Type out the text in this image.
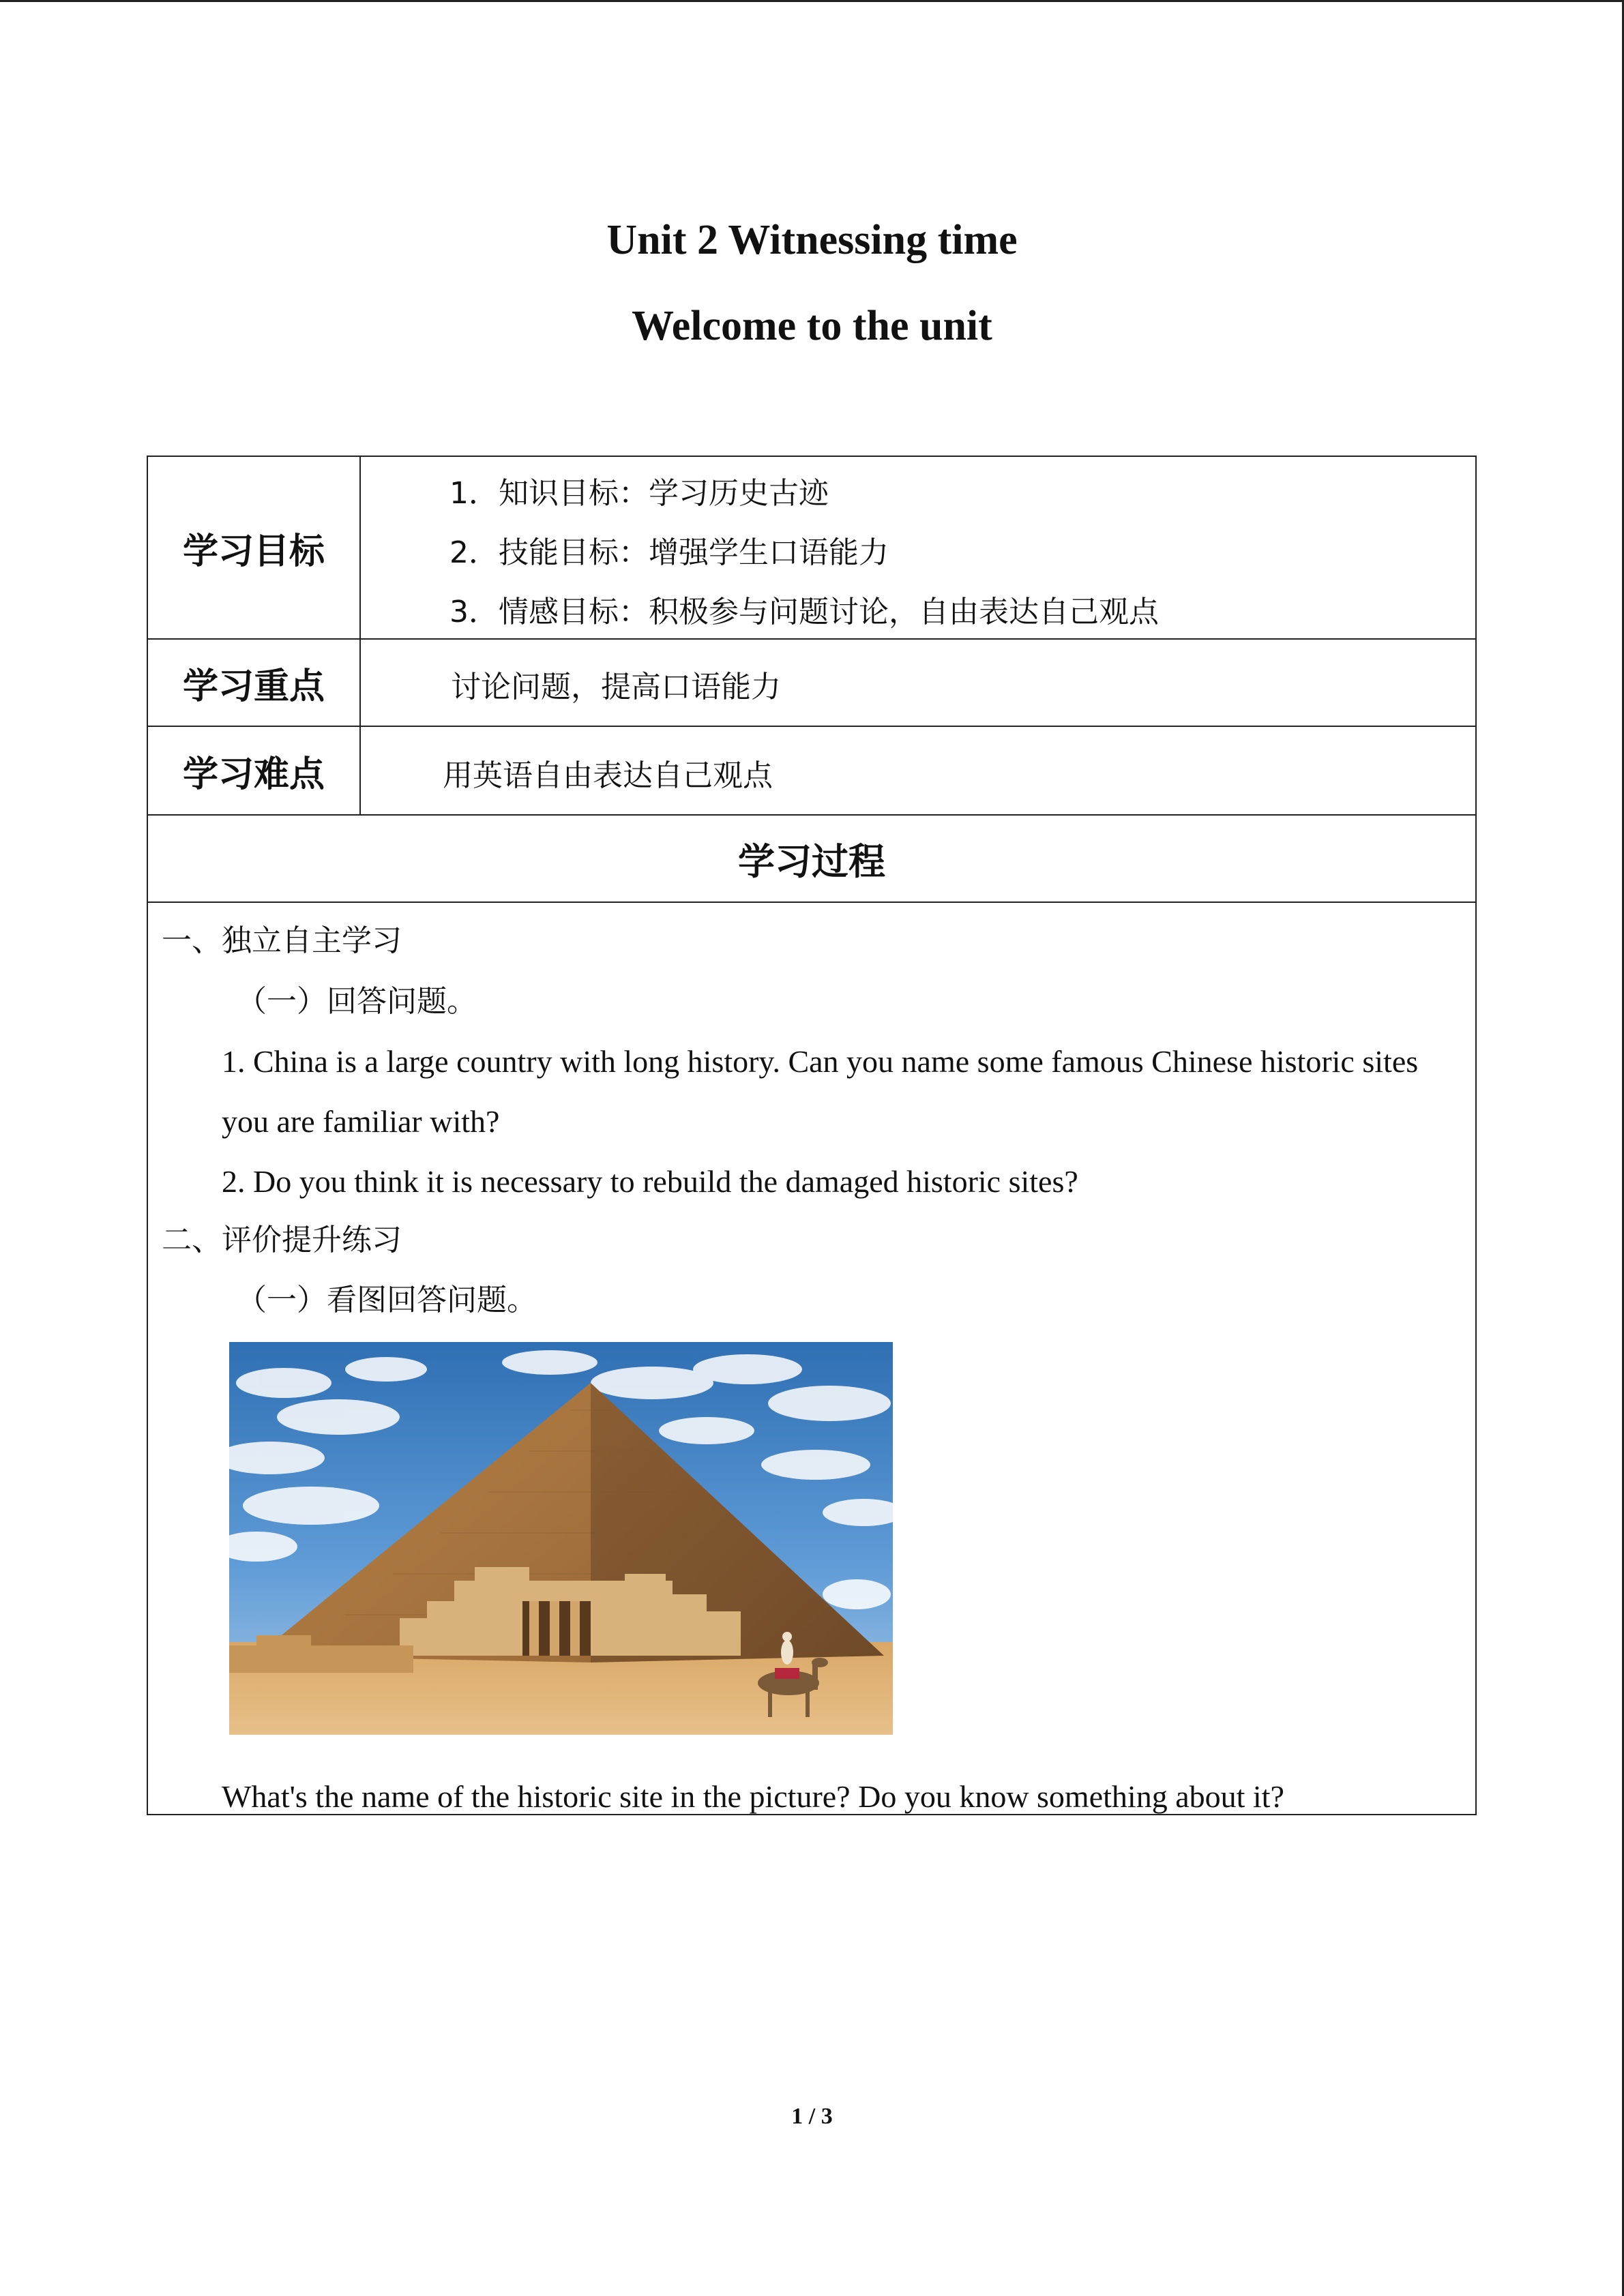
Unit 2 Witnessing time
Welcome to the unit
学习目标
1．知识目标：学习历史古迹
2．技能目标：增强学生口语能力
3．情感目标：积极参与问题讨论，自由表达自己观点
学习重点	讨论问题，提高口语能力
学习难点	用英语自由表达自己观点
学习过程
一、独立自主学习
（一）回答问题。
1. China is a large country with long history. Can you name some famous Chinese historic sites
you are familiar with?
2. Do you think it is necessary to rebuild the damaged historic sites?
二、评价提升练习
（一）看图回答问题。
What's the name of the historic site in the picture? Do you know something about it?
1 / 3
